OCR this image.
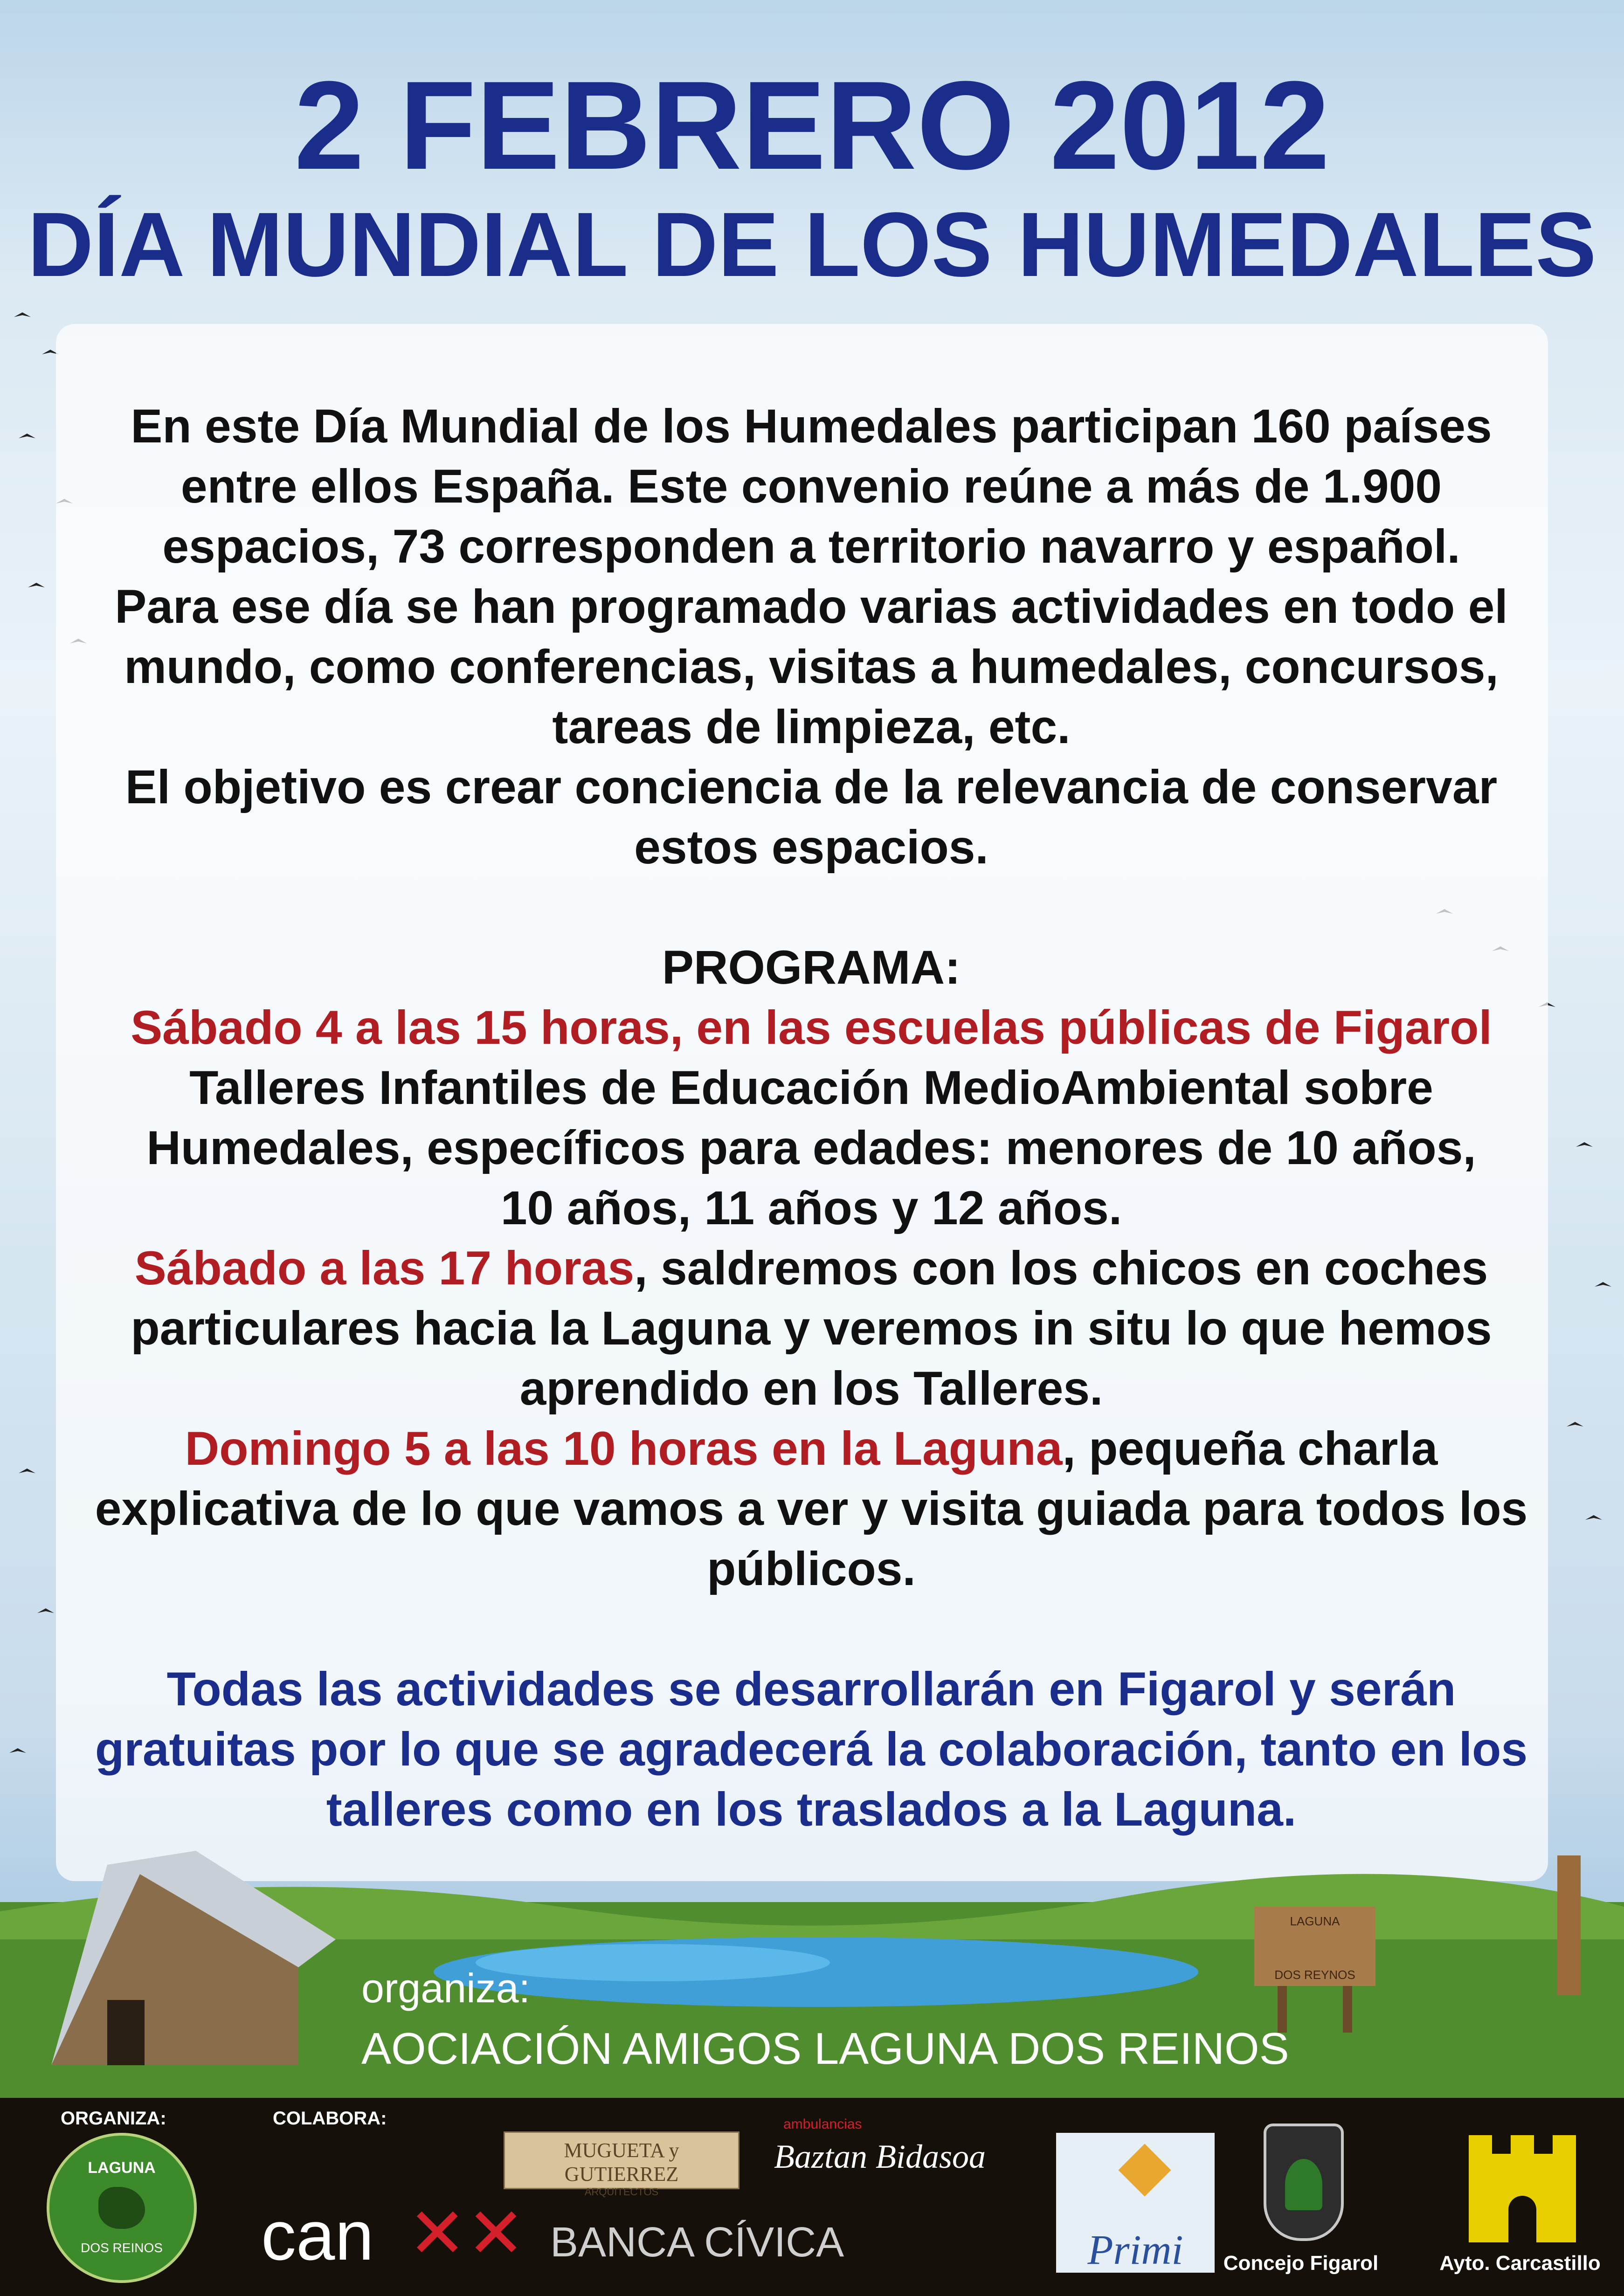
2 FEBRERO 2012
DÍA MUNDIAL DE LOS HUMEDALES

En este Día Mundial de los Humedales participan 160 países

entre ellos España. Este convenio reúne a más de 1.900

espacios, 73 corresponden a territorio navarro y español.

Para ese día se han programado varias actividades en todo el

mundo, como conferencias, visitas a humedales, concursos,

tareas de limpieza, etc.

El objetivo es crear conciencia de la relevancia de conservar

estos espacios.

PROGRAMA:

Sábado 4 a las 15 horas, en las escuelas públicas de Figarol

Talleres Infantiles de Educación MedioAmbiental sobre

Humedales, específicos para edades: menores de 10 años,

10 años, 11 años y 12 años.

Sábado a las 17 horas, saldremos con los chicos en coches

particulares hacia la Laguna y veremos in situ lo que hemos

aprendido en los Talleres.

Domingo 5 a las 10 horas en la Laguna, pequeña charla

explicativa de lo que vamos a ver y visita guiada para todos los

públicos.

Todas las actividades se desarrollarán en Figarol y serán

gratuitas por lo que se agradecerá la colaboración, tanto en los

talleres como en los traslados a la Laguna.

LAGUNA
DOS REYNOS
organiza:
AOCIACIÓN AMIGOS LAGUNA DOS REINOS
ORGANIZA:	COLABORA:
LAGUNA
DOS REINOS
MUGUETA y GUTIERREZ
ARQUITECTOS
can ✕✕ BANCA CÍVICA
ambulancias
Baztan Bidasoa
Primi	Concejo Figarol	Ayto. Carcastillo
